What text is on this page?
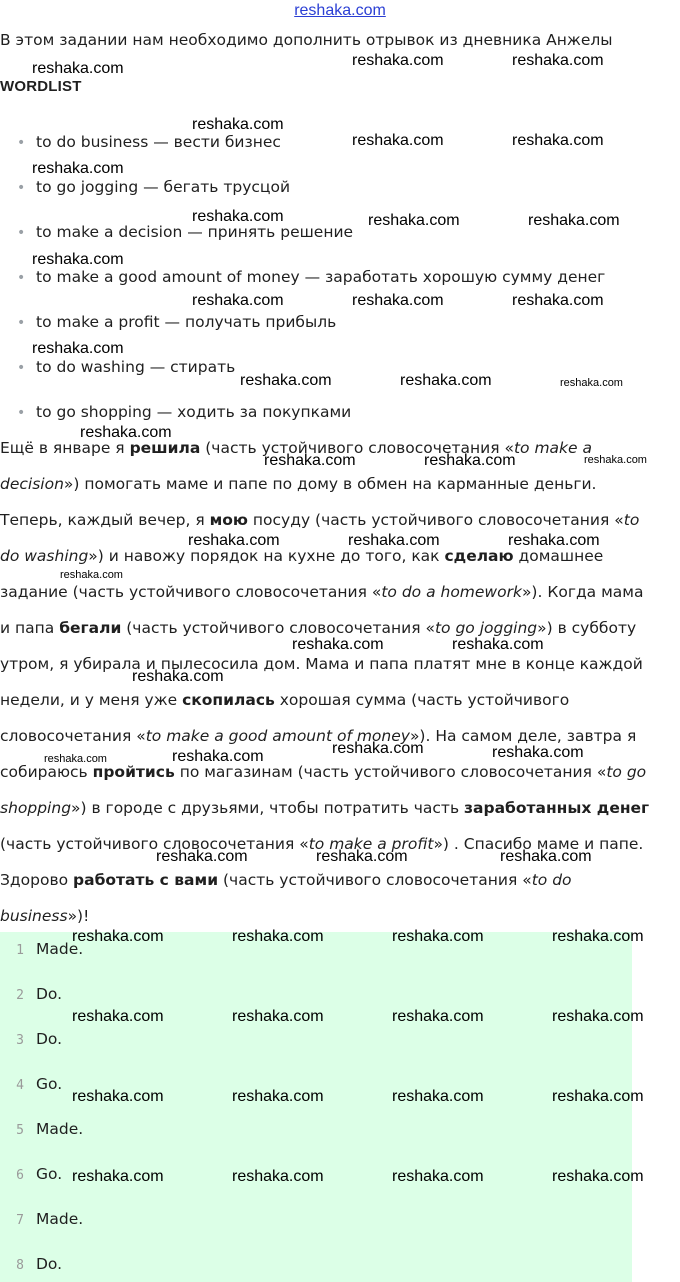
reshaka.com
В этом задании нам необходимо дополнить отрывок из дневника Анжелы
WORDLIST
• to do business — вести бизнес
• to go jogging — бегать трусцой
• to make a decision — принять решение
• to make a good amount of money — заработать хорошую сумму денег
• to make a profit — получать прибыль
• to do washing — стирать
• to go shopping — ходить за покупками
Ещё в январе я решила (часть устойчивого словосочетания «to make a
decision») помогать маме и папе по дому в обмен на карманные деньги.
Теперь, каждый вечер, я мою посуду (часть устойчивого словосочетания «to
do washing») и навожу порядок на кухне до того, как сделаю домашнее
задание (часть устойчивого словосочетания «to do a homework»). Когда мама
и папа бегали (часть устойчивого словосочетания «to go jogging») в субботу
утром, я убирала и пылесосила дом. Мама и папа платят мне в конце каждой
недели, и у меня уже скопилась хорошая сумма (часть устойчивого
словосочетания «to make a good amount of money»). На самом деле, завтра я
собираюсь пройтись по магазинам (часть устойчивого словосочетания «to go
shopping») в городе с друзьями, чтобы потратить часть заработанных денег
(часть устойчивого словосочетания «to make a profit») . Спасибо маме и папе.
Здорово работать с вами (часть устойчивого словосочетания «to do
business»)!
1 Made.
2 Do.
3 Do.
4 Go.
5 Made.
6 Go.
7 Made.
8 Do.
reshaka.com	reshaka.com	reshaka.com
reshaka.com
reshaka.com	reshaka.com
reshaka.com
reshaka.com	reshaka.com	reshaka.com
reshaka.com
reshaka.com	reshaka.com	reshaka.com
reshaka.com
reshaka.com	reshaka.com	reshaka.com
reshaka.com
reshaka.com	reshaka.com	reshaka.com
reshaka.com	reshaka.com	reshaka.com
reshaka.com
reshaka.com	reshaka.com
reshaka.com
reshaka.com
reshaka.com	reshaka.com	reshaka.com
reshaka.com	reshaka.com	reshaka.com
reshaka.com	reshaka.com	reshaka.com	reshaka.com
reshaka.com	reshaka.com	reshaka.com	reshaka.com
reshaka.com	reshaka.com	reshaka.com	reshaka.com
reshaka.com	reshaka.com	reshaka.com	reshaka.com
